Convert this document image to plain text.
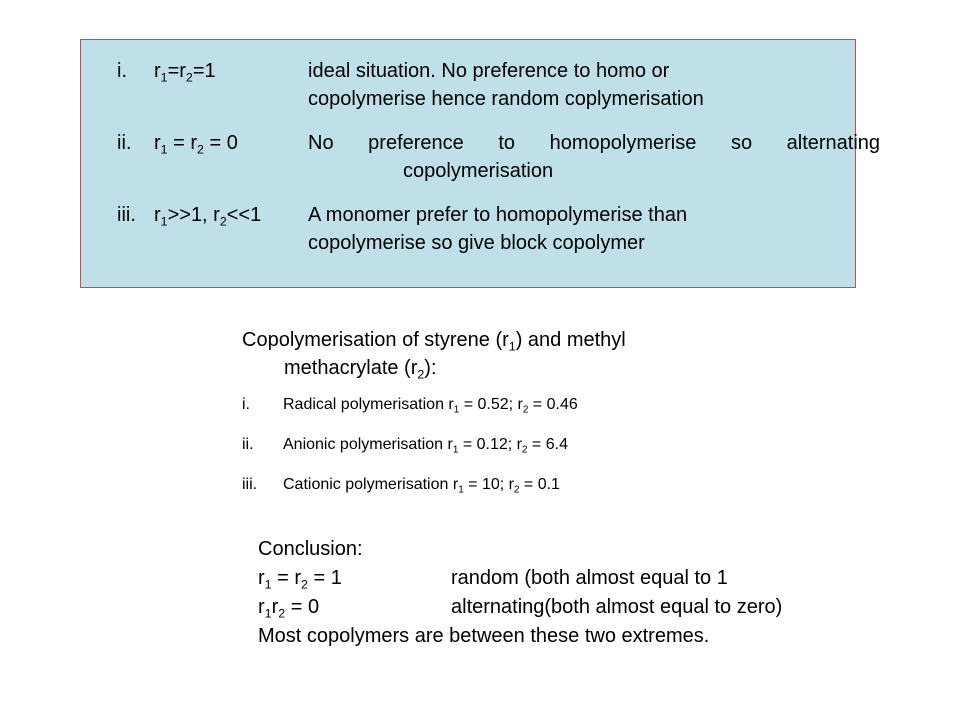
i. $r_1=r_2=1$	ideal situation. No preference to homo or
copolymerise hence random coplymerisation
ii. $r_1 = r_2 = 0$	No preference to homopolymerise so alternating
copolymerisation
iii. $r_1>>1$, $r_2<<1$ A monomer prefer to homopolymerise than
copolymerise so give block copolymer
Copolymerisation of styrene $(r_1)$ and methyl
methacrylate $(r_2)$:
i. Radical polymerisation $r_1 = 0.52$; $r_2 = 0.46$
ii. Anionic polymerisation $r_1 = 0.12$; $r_2 = 6.4$
iii. Cationic polymerisation $r_1 = 10$; $r_2 = 0.1$
Conclusion:
$r_1 = r_2 = 1$	random (both almost equal to 1
$r_1r_2 = 0$	alternating(both almost equal to zero)
Most copolymers are between these two extremes.
